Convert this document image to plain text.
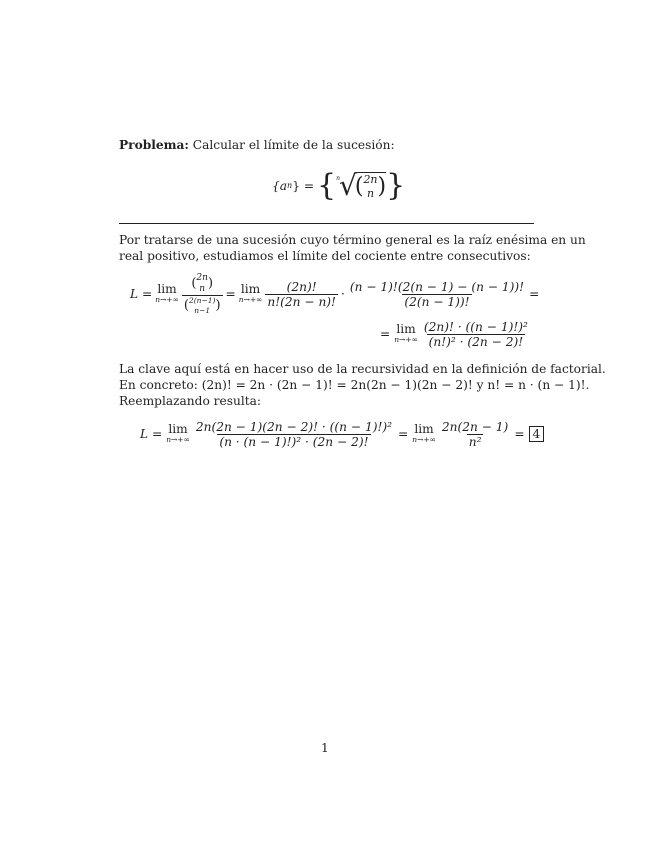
Problema: Calcular el límite de la sucesión:
{a n } = { n √
( 2n
n ) }
Por tratarse de una sucesión cuyo término general es la raíz enésima en un
real positivo, estudiamos el límite del cociente entre consecutivos:
L = lim
n→+∞ ( 2n
n )
( 2(n−1)
n−1 ) = lim
$n\to+\infty \frac{(2n)!}{n!(2n - n)!} \cdot \frac{(n - 1)!(2(n - 1) - (n - 1))!}{(2(n - 1))!}$ =
= lim
$n\to+\infty \frac{\text{(2n)! · ((n − 1)!)²}}{\text{(n!)² · (2n − 2)!}}$
La clave aquí está en hacer uso de la recursividad en la definición de factorial.
En concreto: (2n)! = 2n · (2n − 1)! = 2n(2n − 1)(2n − 2)! y n! = n · (n − 1)!.
Reemplazando resulta:
L = lim
$n\to+\infty \frac{\text{2n(2n − 1)(2n − 2)! · ((n − 1)!)²}}{\text{(n · (n − 1)!)² · (2n − 2)!}} = \lim$
$n\to+\infty \frac{2n(2n - 1)}{\text{n²}} = 4$
1
